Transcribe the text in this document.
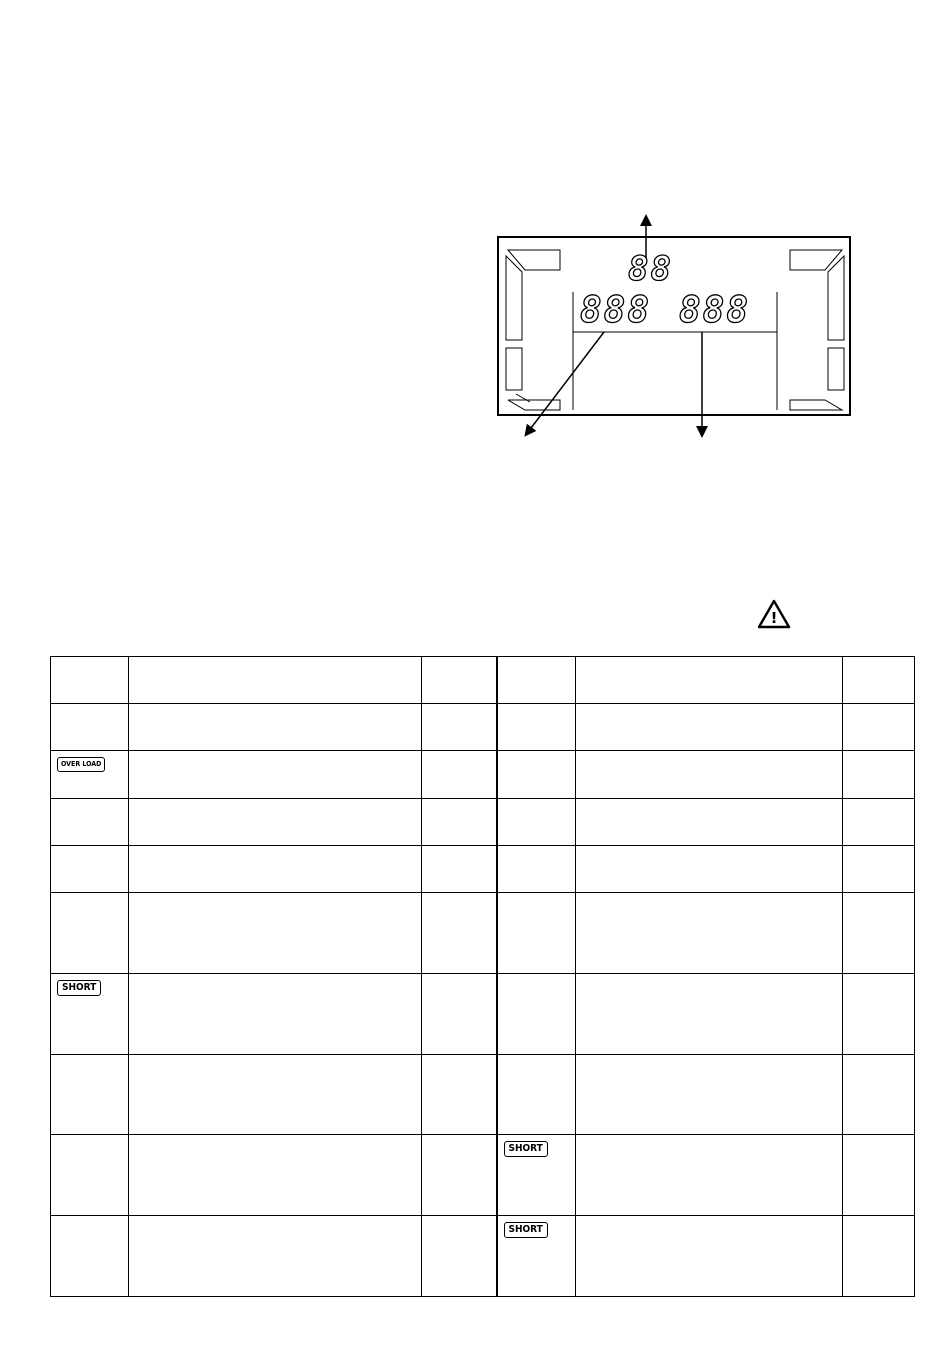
88
888 888
!

OVER LOAD					

SHORT					

			SHORT		
			SHORT		
